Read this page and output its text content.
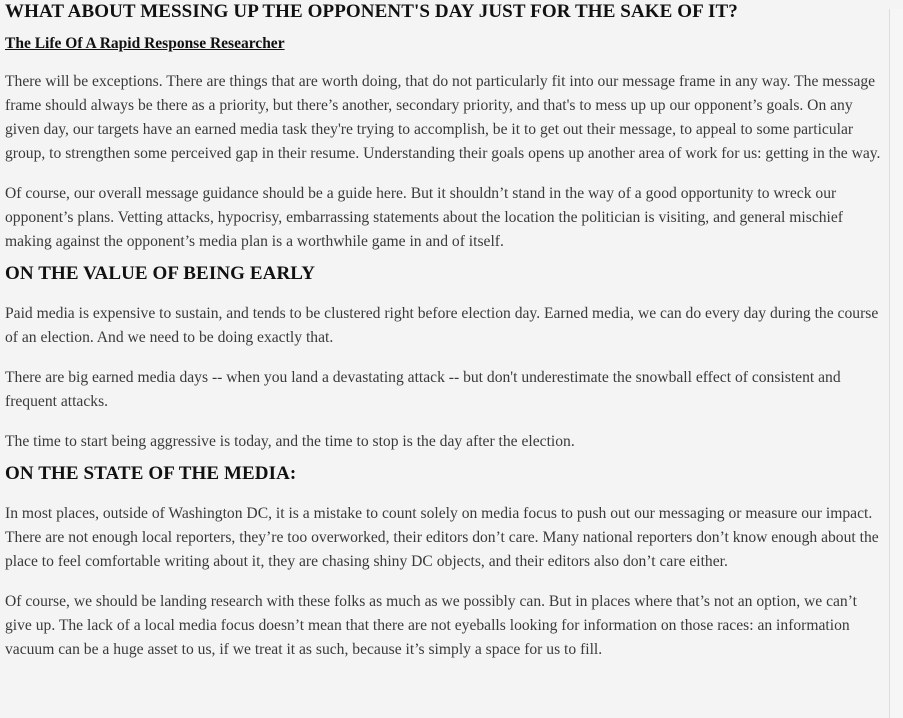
WHAT ABOUT MESSING UP THE OPPONENT'S DAY JUST FOR THE SAKE OF IT?
The Life Of A Rapid Response Researcher

There will be exceptions. There are things that are worth doing, that do not particularly fit into our message frame in any way. The message frame should always be there as a priority, but there’s another, secondary priority, and that's to mess up up our opponent’s goals. On any given day, our targets have an earned media task they're trying to accomplish, be it to get out their message, to appeal to some particular group, to strengthen some perceived gap in their resume. Understanding their goals opens up another area of work for us: getting in the way.

Of course, our overall message guidance should be a guide here. But it shouldn’t stand in the way of a good opportunity to wreck our opponent’s plans. Vetting attacks, hypocrisy, embarrassing statements about the location the politician is visiting, and general mischief making against the opponent’s media plan is a worthwhile game in and of itself.

ON THE VALUE OF BEING EARLY

Paid media is expensive to sustain, and tends to be clustered right before election day. Earned media, we can do every day during the course of an election. And we need to be doing exactly that.

There are big earned media days -- when you land a devastating attack -- but don't underestimate the snowball effect of consistent and frequent attacks.

The time to start being aggressive is today, and the time to stop is the day after the election.

ON THE STATE OF THE MEDIA:

In most places, outside of Washington DC, it is a mistake to count solely on media focus to push out our messaging or measure our impact. There are not enough local reporters, they’re too overworked, their editors don’t care. Many national reporters don’t know enough about the place to feel comfortable writing about it, they are chasing shiny DC objects, and their editors also don’t care either.

Of course, we should be landing research with these folks as much as we possibly can. But in places where that’s not an option, we can’t give up. The lack of a local media focus doesn’t mean that there are not eyeballs looking for information on those races: an information vacuum can be a huge asset to us, if we treat it as such, because it’s simply a space for us to fill.
